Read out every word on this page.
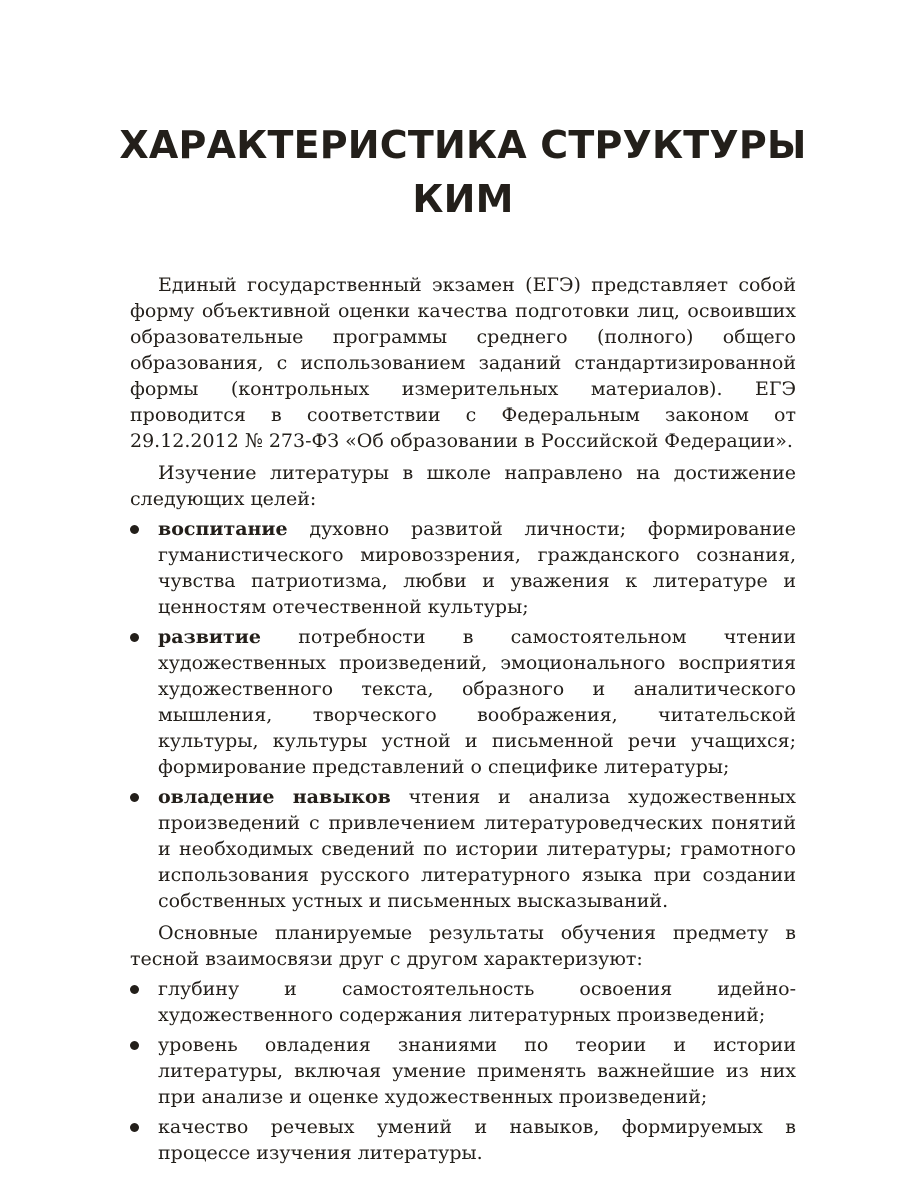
ХАРАКТЕРИСТИКА СТРУКТУРЫ
КИМ

Единый государственный экзамен (ЕГЭ) представляет собой форму объективной оценки качества подготовки лиц, освоивших образовательные программы среднего (полного) общего образования, с использованием заданий стандартизированной формы (контрольных измерительных материалов). ЕГЭ проводится в соответствии с Федеральным законом от 29.12.2012 № 273-ФЗ «Об образовании в Российской Федерации».

Изучение литературы в школе направлено на достижение следующих целей:

воспитание духовно развитой личности; формирование гуманистического мировоззрения, гражданского сознания, чувства патриотизма, любви и уважения к литературе и ценностям отечественной культуры;
развитие потребности в самостоятельном чтении художественных произведений, эмоционального восприятия художественного текста, образного и аналитического мышления, творческого воображения, читательской культуры, культуры устной и письменной речи учащихся; формирование представлений о специфике литературы;
овладение навыков чтения и анализа художественных произведений с привлечением литературоведческих понятий и необходимых сведений по истории литературы; грамотного использования русского литературного языка при создании собственных устных и письменных высказываний.

Основные планируемые результаты обучения предмету в тесной взаимосвязи друг с другом характеризуют:

глубину и самостоятельность освоения идейно-художественного содержания литературных произведений;
уровень овладения знаниями по теории и истории литературы, включая умение применять важнейшие из них при анализе и оценке художественных произведений;
качество речевых умений и навыков, формируемых в процессе изучения литературы.
